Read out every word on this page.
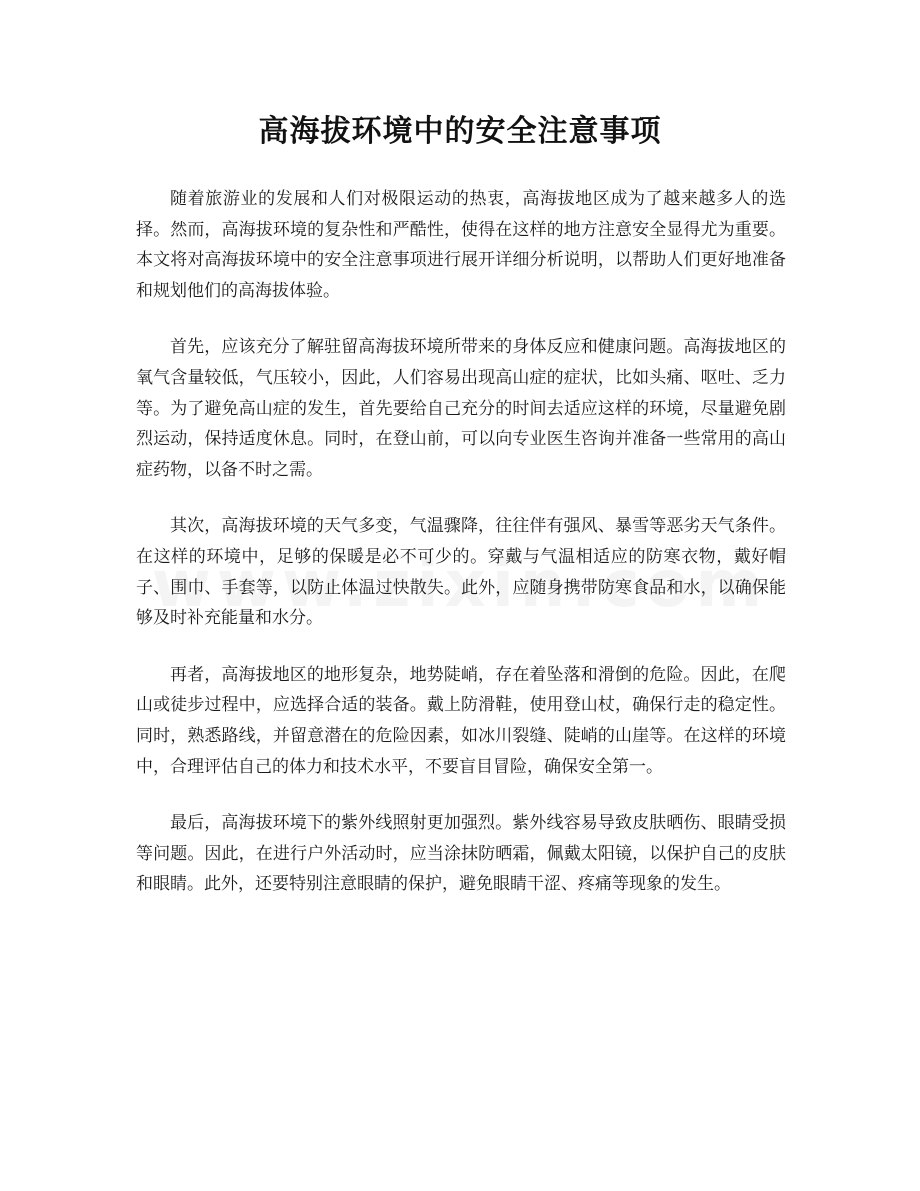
高海拔环境中的安全注意事项

随着旅游业的发展和人们对极限运动的热衷，高海拔地区成为了越来越多人的选择。然而，高海拔环境的复杂性和严酷性，使得在这样的地方注意安全显得尤为重要。本文将对高海拔环境中的安全注意事项进行展开详细分析说明，以帮助人们更好地准备和规划他们的高海拔体验。

首先，应该充分了解驻留高海拔环境所带来的身体反应和健康问题。高海拔地区的氧气含量较低，气压较小，因此，人们容易出现高山症的症状，比如头痛、呕吐、乏力等。为了避免高山症的发生，首先要给自己充分的时间去适应这样的环境，尽量避免剧烈运动，保持适度休息。同时，在登山前，可以向专业医生咨询并准备一些常用的高山症药物，以备不时之需。

其次，高海拔环境的天气多变，气温骤降，往往伴有强风、暴雪等恶劣天气条件。在这样的环境中，足够的保暖是必不可少的。穿戴与气温相适应的防寒衣物，戴好帽子、围巾、手套等，以防止体温过快散失。此外，应随身携带防寒食品和水，以确保能够及时补充能量和水分。

再者，高海拔地区的地形复杂，地势陡峭，存在着坠落和滑倒的危险。因此，在爬山或徒步过程中，应选择合适的装备。戴上防滑鞋，使用登山杖，确保行走的稳定性。同时，熟悉路线，并留意潜在的危险因素，如冰川裂缝、陡峭的山崖等。在这样的环境中，合理评估自己的体力和技术水平，不要盲目冒险，确保安全第一。

最后，高海拔环境下的紫外线照射更加强烈。紫外线容易导致皮肤晒伤、眼睛受损等问题。因此，在进行户外活动时，应当涂抹防晒霜，佩戴太阳镜，以保护自己的皮肤和眼睛。此外，还要特别注意眼睛的保护，避免眼睛干涩、疼痛等现象的发生。
